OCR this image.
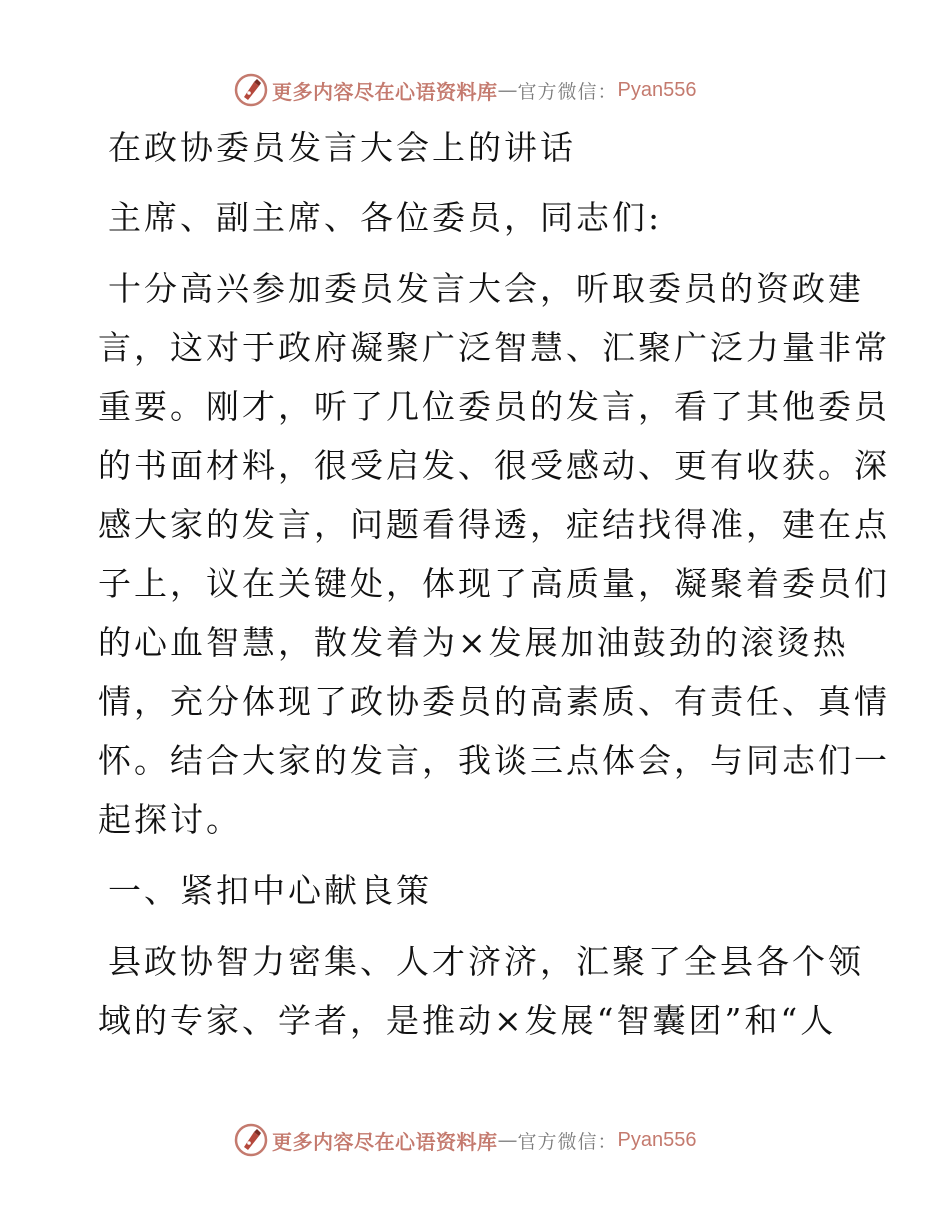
更多内容尽在心语资料库 — 官方微信： Pyan556
在政协委员发言大会上的讲话
主席、副主席、各位委员，同志们:
十分高兴参加委员发言大会，听取委员的资政建
言，这对于政府凝聚广泛智慧、汇聚广泛力量非常
重要。刚才，听了几位委员的发言，看了其他委员
的书面材料，很受启发、很受感动、更有收获。深
感大家的发言，问题看得透，症结找得准，建在点
子上，议在关键处，体现了高质量，凝聚着委员们
的心血智慧，散发着为×发展加油鼓劲的滚烫热
情，充分体现了政协委员的高素质、有责任、真情
怀。结合大家的发言，我谈三点体会，与同志们一
起探讨。
一、紧扣中心献良策
县政协智力密集、人才济济，汇聚了全县各个领
域的专家、学者，是推动×发展“智囊团”和“人
更多内容尽在心语资料库 — 官方微信： Pyan556
